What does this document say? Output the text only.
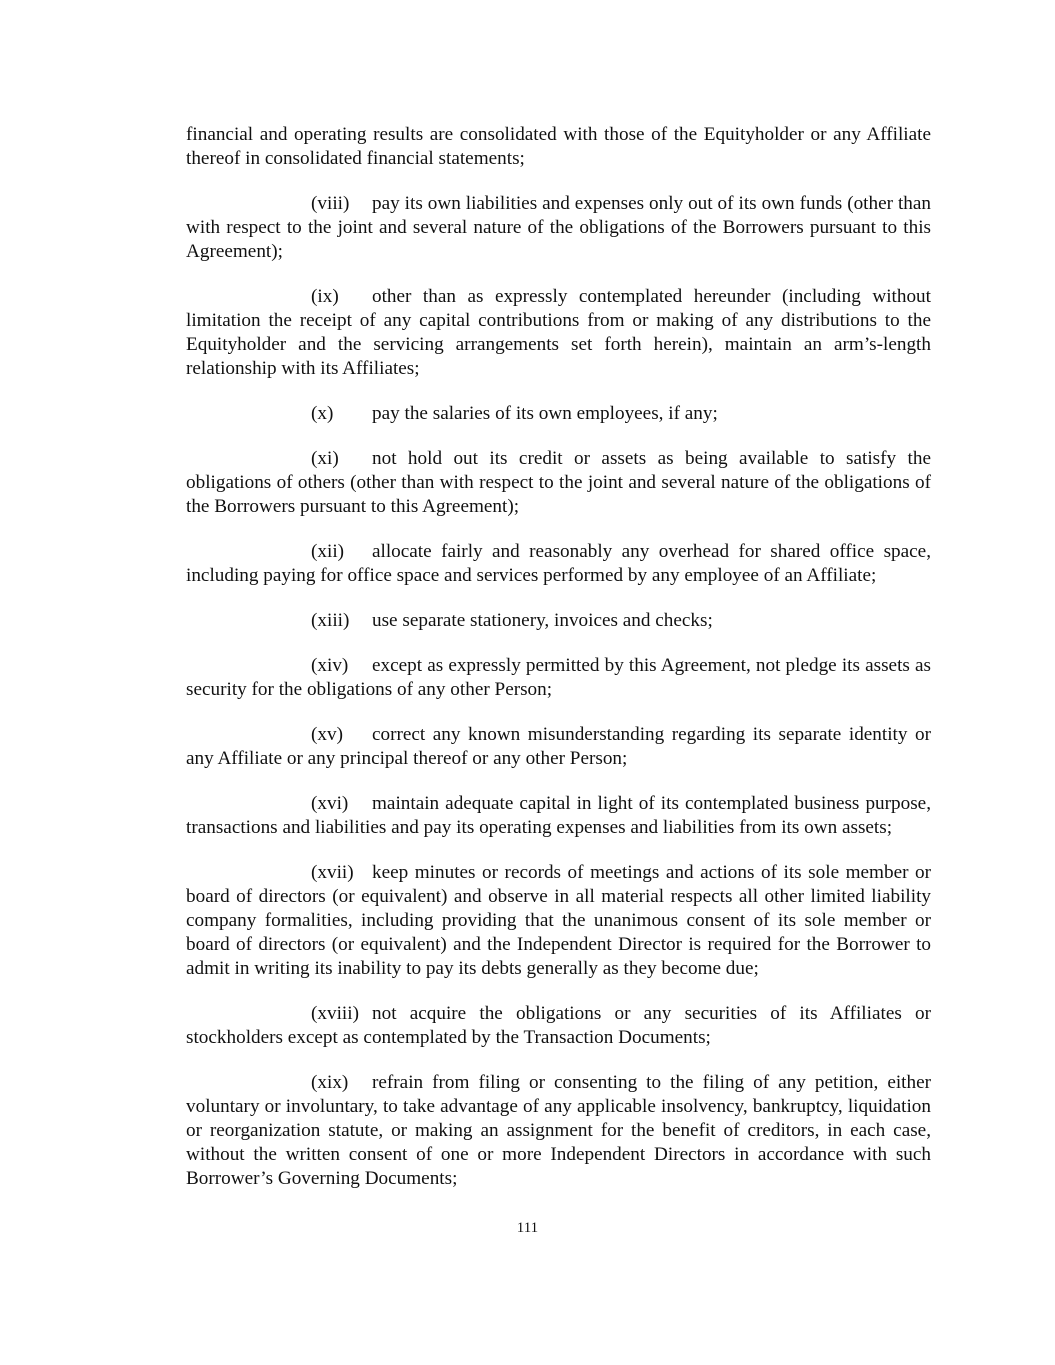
financial and operating results are consolidated with those of the Equityholder or any Affiliate thereof in consolidated financial statements;

(viii) pay its own liabilities and expenses only out of its own funds (other than with respect to the joint and several nature of the obligations of the Borrowers pursuant to this Agreement);

(ix) other than as expressly contemplated hereunder (including without limitation the receipt of any capital contributions from or making of any distributions to the Equityholder and the servicing arrangements set forth herein), maintain an arm’s-length relationship with its Affiliates;

(x) pay the salaries of its own employees, if any;

(xi) not hold out its credit or assets as being available to satisfy the obligations of others (other than with respect to the joint and several nature of the obligations of the Borrowers pursuant to this Agreement);

(xii) allocate fairly and reasonably any overhead for shared office space, including paying for office space and services performed by any employee of an Affiliate;

(xiii) use separate stationery, invoices and checks;

(xiv) except as expressly permitted by this Agreement, not pledge its assets as security for the obligations of any other Person;

(xv) correct any known misunderstanding regarding its separate identity or any Affiliate or any principal thereof or any other Person;

(xvi) maintain adequate capital in light of its contemplated business purpose, transactions and liabilities and pay its operating expenses and liabilities from its own assets;

(xvii) keep minutes or records of meetings and actions of its sole member or board of directors (or equivalent) and observe in all material respects all other limited liability company formalities, including providing that the unanimous consent of its sole member or board of directors (or equivalent) and the Independent Director is required for the Borrower to admit in writing its inability to pay its debts generally as they become due;

(xviii) not acquire the obligations or any securities of its Affiliates or stockholders except as contemplated by the Transaction Documents;

(xix) refrain from filing or consenting to the filing of any petition, either voluntary or involuntary, to take advantage of any applicable insolvency, bankruptcy, liquidation or reorganization statute, or making an assignment for the benefit of creditors, in each case, without the written consent of one or more Independent Directors in accordance with such Borrower’s Governing Documents;

111
